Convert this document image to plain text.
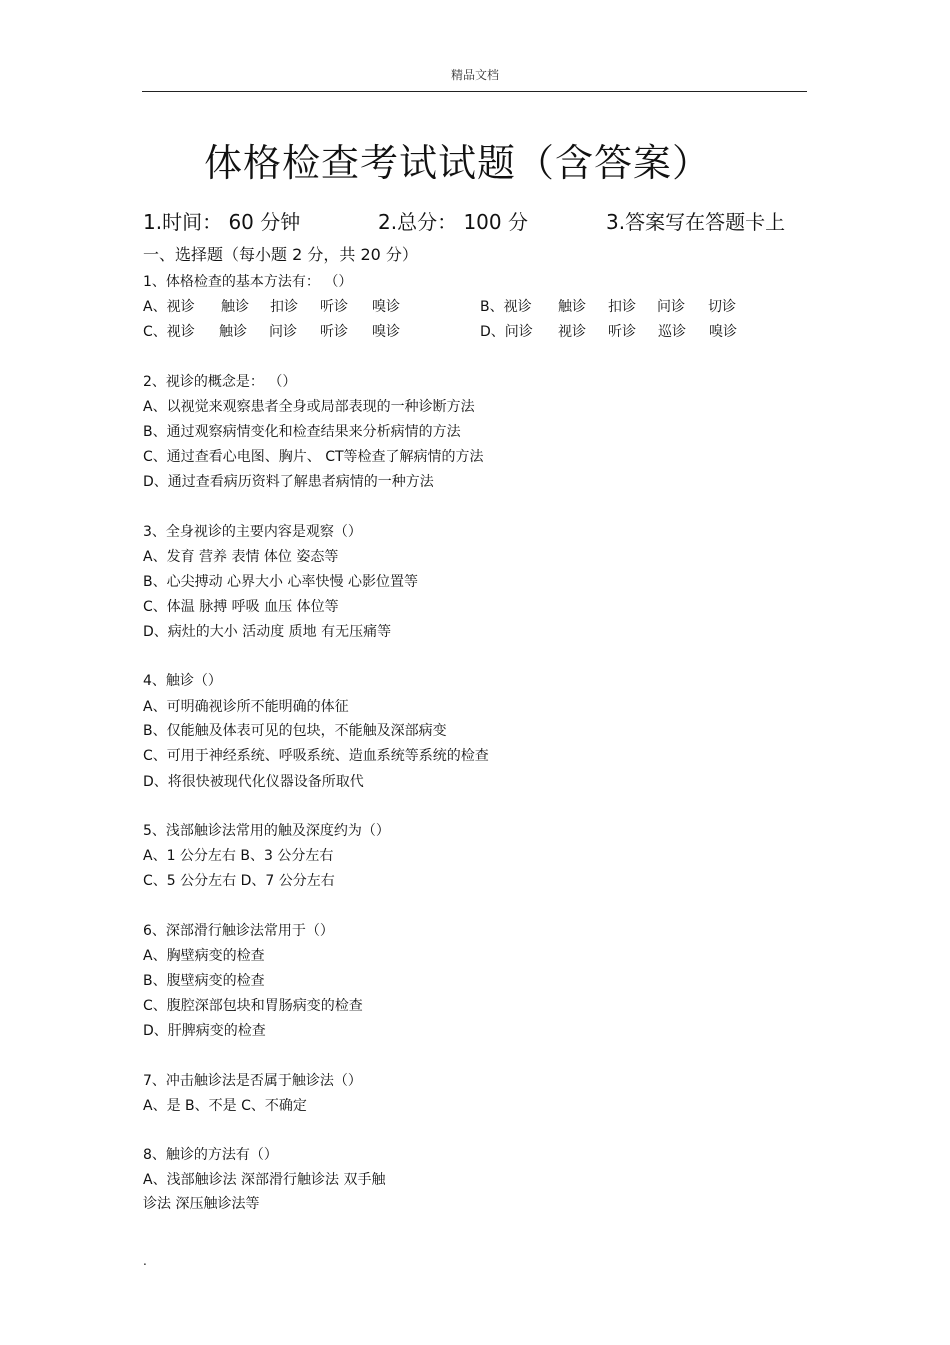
精品文档
体格检查考试试题（含答案）
1.时间： 60 分钟	2.总分： 100 分	3.答案写在答题卡上
一、选择题（每小题 2 分，共 20 分）
1、体格检查的基本方法有： （）
A、视诊 触诊 扣诊 听诊 嗅诊	B、视诊 触诊 扣诊 问诊 切诊
C、视诊 触诊 问诊 听诊 嗅诊	D、问诊 视诊 听诊 巡诊 嗅诊
2、视诊的概念是： （）
A、以视觉来观察患者全身或局部表现的一种诊断方法
B、通过观察病情变化和检查结果来分析病情的方法
C、通过查看心电图、胸片、 CT等检查了解病情的方法
D、通过查看病历资料了解患者病情的一种方法
3、全身视诊的主要内容是观察（）
A、发育 营养 表情 体位 姿态等
B、心尖搏动 心界大小 心率快慢 心影位置等
C、体温 脉搏 呼吸 血压 体位等
D、病灶的大小 活动度 质地 有无压痛等
4、触诊（）
A、可明确视诊所不能明确的体征
B、仅能触及体表可见的包块，不能触及深部病变
C、可用于神经系统、呼吸系统、造血系统等系统的检查
D、将很快被现代化仪器设备所取代
5、浅部触诊法常用的触及深度约为（）
A、1 公分左右 B、3 公分左右
C、5 公分左右 D、7 公分左右
6、深部滑行触诊法常用于（）
A、胸壁病变的检查
B、腹壁病变的检查
C、腹腔深部包块和胃肠病变的检查
D、肝脾病变的检查
7、冲击触诊法是否属于触诊法（）
A、是 B、不是 C、不确定
8、触诊的方法有（）
A、浅部触诊法 深部滑行触诊法 双手触
诊法 深压触诊法等
.
